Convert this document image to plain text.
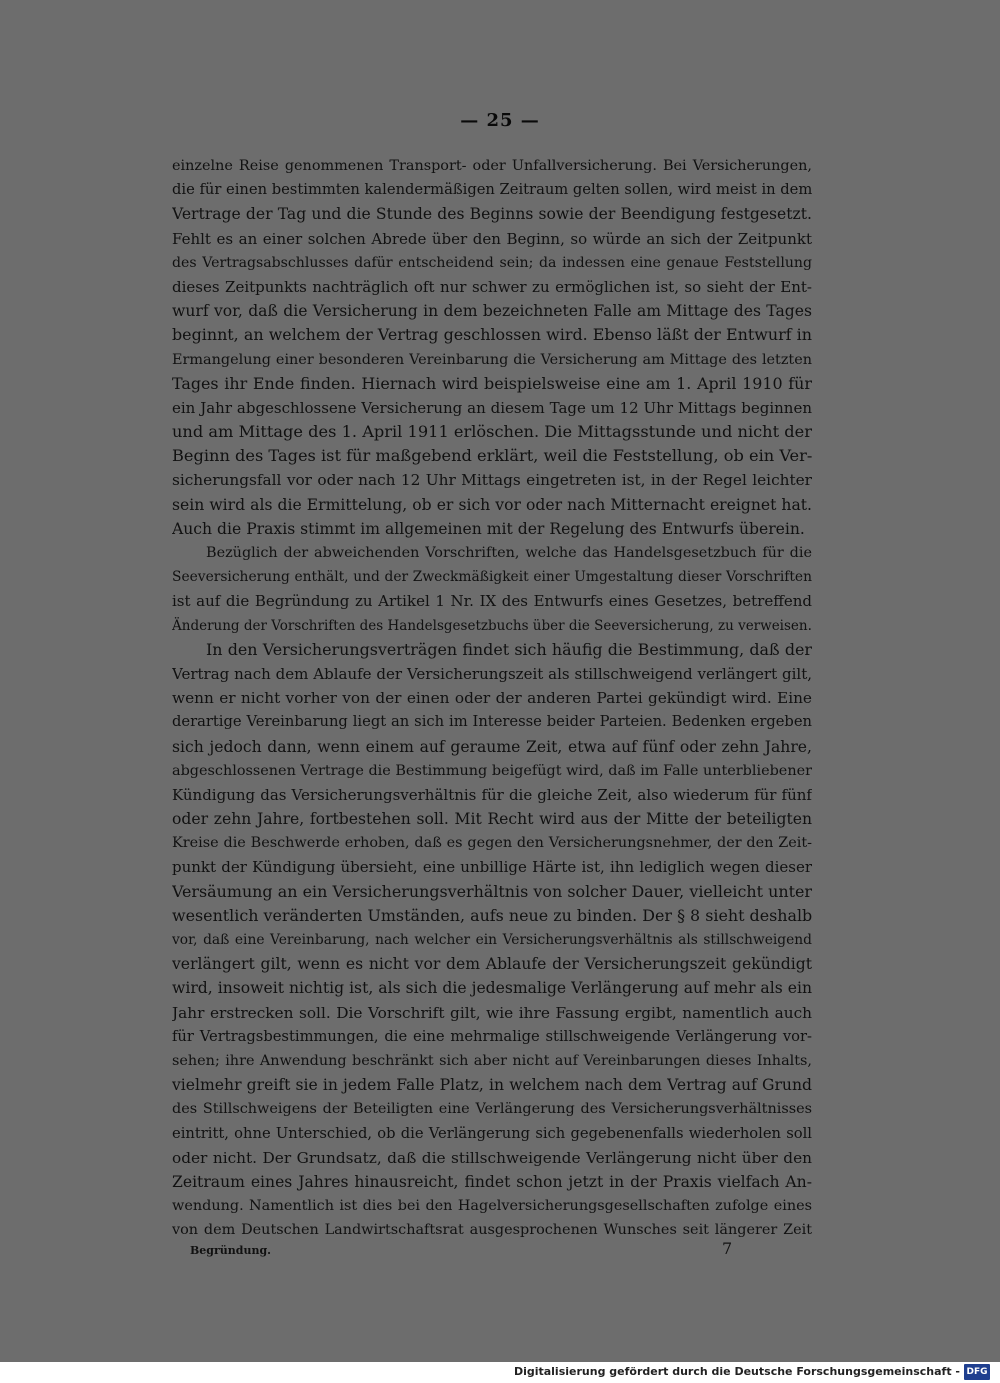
— 25 —
einzelne Reise genommenen Transport- oder Unfallversicherung. Bei Versicherungen,
die für einen bestimmten kalendermäßigen Zeitraum gelten sollen, wird meist in dem
Vertrage der Tag und die Stunde des Beginns sowie der Beendigung festgesetzt.
Fehlt es an einer solchen Abrede über den Beginn, so würde an sich der Zeitpunkt
des Vertragsabschlusses dafür entscheidend sein; da indessen eine genaue Feststellung
dieses Zeitpunkts nachträglich oft nur schwer zu ermöglichen ist, so sieht der Ent-
wurf vor, daß die Versicherung in dem bezeichneten Falle am Mittage des Tages
beginnt, an welchem der Vertrag geschlossen wird. Ebenso läßt der Entwurf in
Ermangelung einer besonderen Vereinbarung die Versicherung am Mittage des letzten
Tages ihr Ende finden. Hiernach wird beispielsweise eine am 1. April 1910 für
ein Jahr abgeschlossene Versicherung an diesem Tage um 12 Uhr Mittags beginnen
und am Mittage des 1. April 1911 erlöschen. Die Mittagsstunde und nicht der
Beginn des Tages ist für maßgebend erklärt, weil die Feststellung, ob ein Ver-
sicherungsfall vor oder nach 12 Uhr Mittags eingetreten ist, in der Regel leichter
sein wird als die Ermittelung, ob er sich vor oder nach Mitternacht ereignet hat.
Auch die Praxis stimmt im allgemeinen mit der Regelung des Entwurfs überein.
Bezüglich der abweichenden Vorschriften, welche das Handelsgesetzbuch für die
Seeversicherung enthält, und der Zweckmäßigkeit einer Umgestaltung dieser Vorschriften
ist auf die Begründung zu Artikel 1 Nr. IX des Entwurfs eines Gesetzes, betreffend
Änderung der Vorschriften des Handelsgesetzbuchs über die Seeversicherung, zu verweisen.
In den Versicherungsverträgen findet sich häufig die Bestimmung, daß der
Vertrag nach dem Ablaufe der Versicherungszeit als stillschweigend verlängert gilt,
wenn er nicht vorher von der einen oder der anderen Partei gekündigt wird. Eine
derartige Vereinbarung liegt an sich im Interesse beider Parteien. Bedenken ergeben
sich jedoch dann, wenn einem auf geraume Zeit, etwa auf fünf oder zehn Jahre,
abgeschlossenen Vertrage die Bestimmung beigefügt wird, daß im Falle unterbliebener
Kündigung das Versicherungsverhältnis für die gleiche Zeit, also wiederum für fünf
oder zehn Jahre, fortbestehen soll. Mit Recht wird aus der Mitte der beteiligten
Kreise die Beschwerde erhoben, daß es gegen den Versicherungsnehmer, der den Zeit-
punkt der Kündigung übersieht, eine unbillige Härte ist, ihn lediglich wegen dieser
Versäumung an ein Versicherungsverhältnis von solcher Dauer, vielleicht unter
wesentlich veränderten Umständen, aufs neue zu binden. Der § 8 sieht deshalb
vor, daß eine Vereinbarung, nach welcher ein Versicherungsverhältnis als stillschweigend
verlängert gilt, wenn es nicht vor dem Ablaufe der Versicherungszeit gekündigt
wird, insoweit nichtig ist, als sich die jedesmalige Verlängerung auf mehr als ein
Jahr erstrecken soll. Die Vorschrift gilt, wie ihre Fassung ergibt, namentlich auch
für Vertragsbestimmungen, die eine mehrmalige stillschweigende Verlängerung vor-
sehen; ihre Anwendung beschränkt sich aber nicht auf Vereinbarungen dieses Inhalts,
vielmehr greift sie in jedem Falle Platz, in welchem nach dem Vertrag auf Grund
des Stillschweigens der Beteiligten eine Verlängerung des Versicherungsverhältnisses
eintritt, ohne Unterschied, ob die Verlängerung sich gegebenenfalls wiederholen soll
oder nicht. Der Grundsatz, daß die stillschweigende Verlängerung nicht über den
Zeitraum eines Jahres hinausreicht, findet schon jetzt in der Praxis vielfach An-
wendung. Namentlich ist dies bei den Hagelversicherungsgesellschaften zufolge eines
von dem Deutschen Landwirtschaftsrat ausgesprochenen Wunsches seit längerer Zeit
Begründung.	7
Digitalisierung gefördert durch die Deutsche Forschungsgemeinschaft - DFG
